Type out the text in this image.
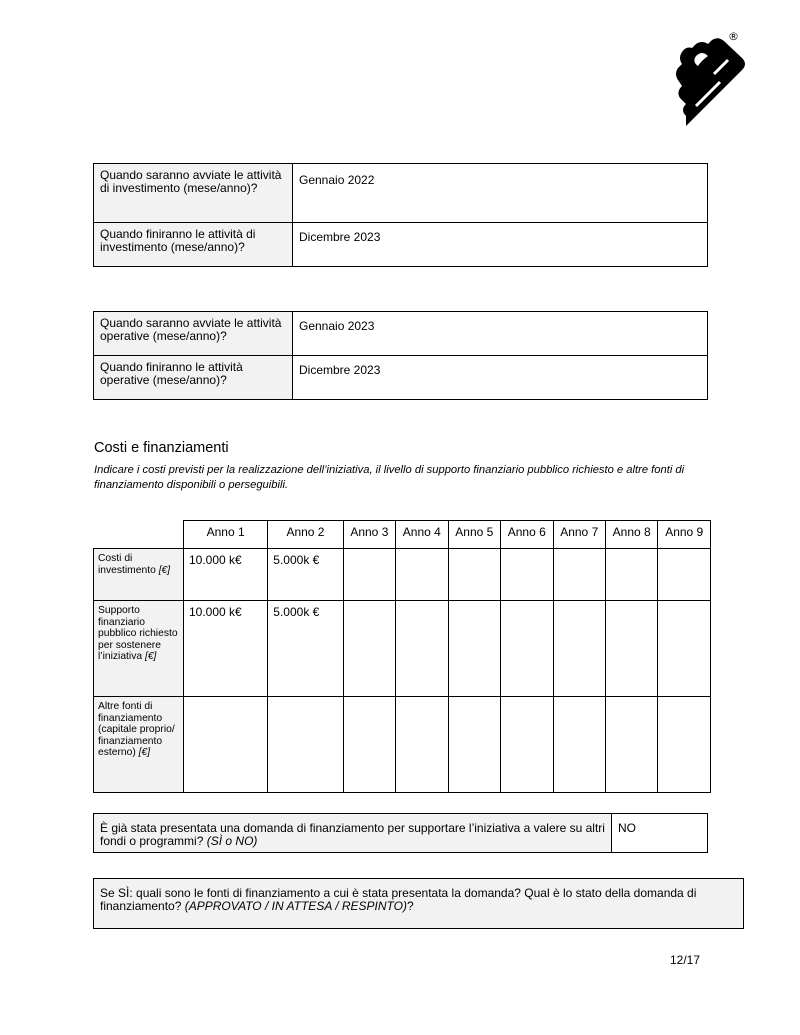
®
Quando saranno avviate le attività di investimento (mese/anno)?	Gennaio 2022
Quando finiranno le attività di investimento (mese/anno)?	Dicembre 2023
Quando saranno avviate le attività operative (mese/anno)?	Gennaio 2023
Quando finiranno le attività operative (mese/anno)?	Dicembre 2023
Costi e finanziamenti
Indicare i costi previsti per la realizzazione dell’iniziativa, il livello di supporto finanziario pubblico richiesto e altre fonti di finanziamento disponibili o perseguibili.
	Anno 1	Anno 2	Anno 3	Anno 4	Anno 5	Anno 6	Anno 7	Anno 8	Anno 9
Costi di investimento [€]	10.000 k€	5.000k €							
Supporto finanziario pubblico richiesto per sostenere l’iniziativa [€]	10.000 k€	5.000k €							
Altre fonti di finanziamento (capitale proprio/ finanziamento esterno) [€]									
È già stata presentata una domanda di finanziamento per supportare l’iniziativa a valere su altri fondi o programmi? (SÌ o NO)	NO
Se SÌ: quali sono le fonti di finanziamento a cui è stata presentata la domanda? Qual è lo stato della domanda di finanziamento? (APPROVATO / IN ATTESA / RESPINTO)?
12/17
